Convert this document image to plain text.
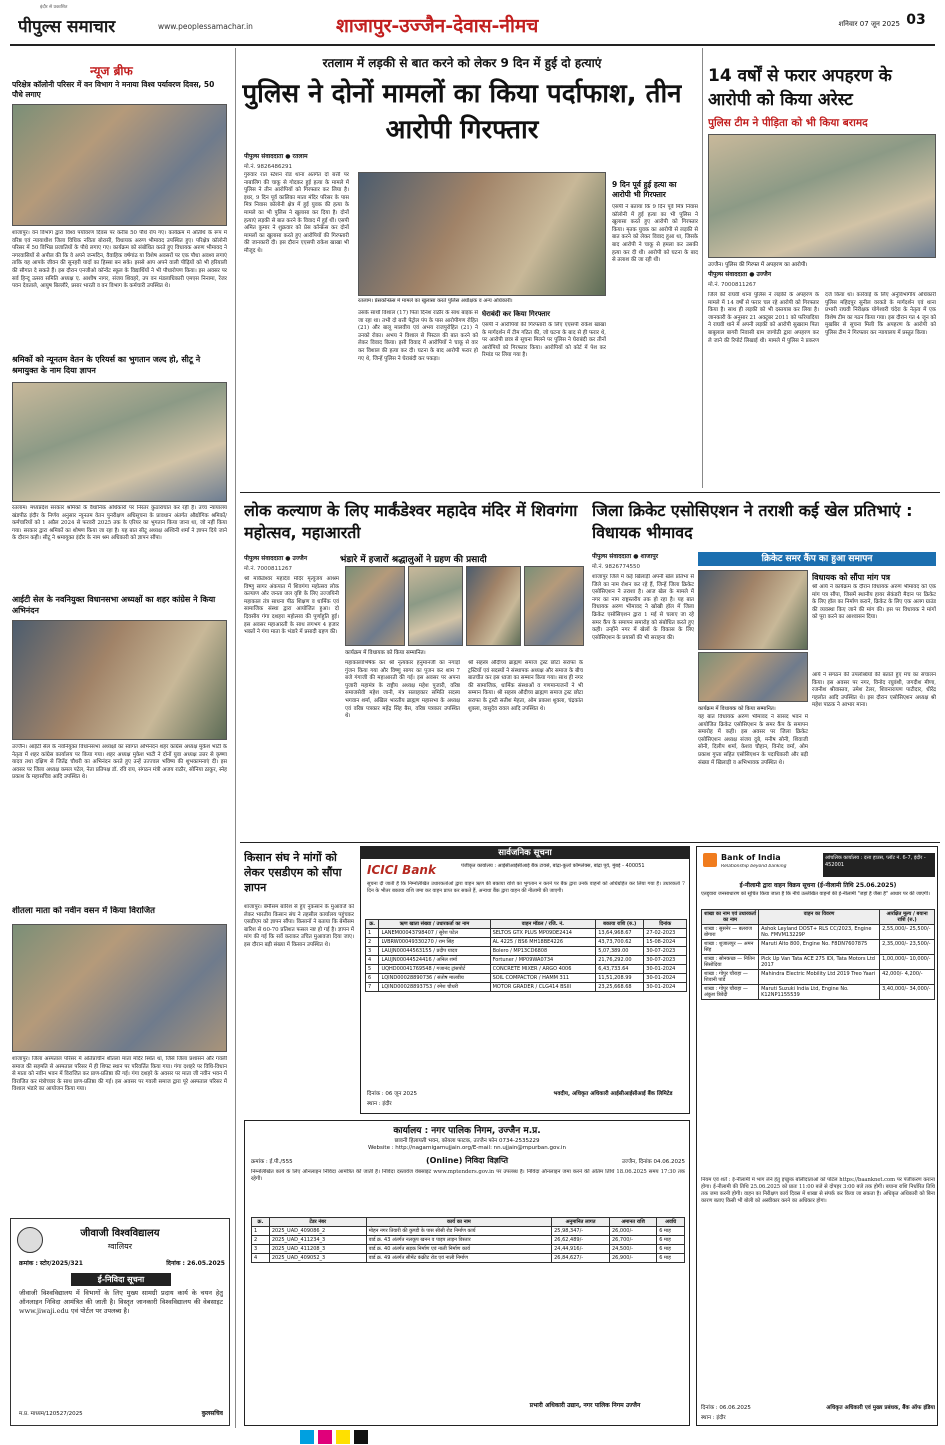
पीपुल्स समाचार
इंदौर से प्रकाशित
www.peoplessamachar.in	शाजापुर-उज्जैन-देवास-नीमच	शनिवार 07 जून 2025 03
न्यूज ब्रीफ
परिक्षेत्र कॉलोनी परिसर में वन विभाग ने मनाया विश्व पर्यावरण दिवस, 50 पौधे लगाए
शाजापुर। वन विभाग द्वारा विश्व पर्यावरण दिवस पर करीब 50 पौधे रोप गए। कार्यक्रम में अतिथि के रूप में वरिष्ठ एवं न्यायाधीश जिला विधिक नविता बोरासी, विधायक अरुण भीमावद उपस्थित हुए। परिक्षेत्र कॉलोनी परिसर में 50 विभिन्न प्रजातियों के पौधे लगाए गए। कार्यक्रम को संबोधित करते हुए विधायक अरुण भीमावद ने नगरवासियों से अपील की कि वे अपने जन्मदिन, वैवाहिक वर्षगांठ या विशेष अवसरों पर एक पौधा अवश्य लगाएं ताकि यह आपके जीवन की सुनहरी यादों का हिस्सा बन सके। इससे आप अपने वाली पीढ़ियों को भी हरियाली की सौगात दे सकते हैं। इस दौरान एनजीओ कॉन्वेंट स्कूल के विद्यार्थियों ने भी पौधारोपण किया। इस अवसर पर सर्व हिन्दू उत्सव समिति अध्यक्ष ए. आशीष नागर, संजय शिवहरे, उप वन मंडलाधिकारी एमएस निनामा, रेंजर पवन देवताले, आयुष बिल्लौरे, प्रसार भारती व वन विभाग के कर्मचारी उपस्थित थे।
श्रमिकों को न्यूनतम वेतन के एरियर्स का भुगतान जल्द हो, सीटू ने श्रमायुक्त के नाम दिया ज्ञापन
रतलाम। मध्यप्रदेश सरकार श्रमिकों के वैधानिक अधिकारों पर निरंतर कुठाराघात कर रही है। उच्च न्यायालय खंडपीठ इंदौर के निर्णय अनुसार न्यूनतम वेतन पुनरीक्षण अधिसूचना के प्रावधान अंतर्गत औद्योगिक श्रमिकों/कर्मचारियों को 1 अप्रैल 2024 से फरवरी 2025 तक के एरियर का भुगतान किया जाना था, जो नहीं किया गया। सरकार द्वारा श्रमिकों का शोषण किया जा रहा है। यह बात सीटू अध्यक्ष अश्विनी शर्मा ने ज्ञापन दिये जाने के दौरान कही। सीटू ने श्रमायुक्त इंदौर के नाम श्रम अधिकारी को ज्ञापन सौंपा।
आईटी सेल के नवनियुक्त विधानसभा अध्यक्षों का शहर कांग्रेस ने किया अभिनंदन
उज्जैन। आईटी सेल के नवनियुक्त विधानसभा अध्यक्षों का स्वागत अभिनंदन शहर कांग्रेस अध्यक्ष मुकेश भाटी के नेतृत्व में शहर कांग्रेस कार्यालय पर किया गया। शहर अध्यक्ष मुकेश भाटी ने दोनों युवा अध्यक्ष उत्तर से कृष्णा यादव तथा दक्षिण से जितेंद्र चौधरी का अभिनंदन करते हुए उन्हें उज्ज्वल भविष्य की शुभकामनाएं दी। इस अवसर पर जिला अध्यक्ष कमल पटेल, नेता प्रतिपक्ष डॉ. रवि राय, संगठन मंत्री अजय राठौर, सोनिया ठाकुर, स्नेह प्रकाश के महासचिव आदि उपस्थित थे।
शीतला माता को नवीन वसन में किया विराजित
शाजापुर। जिला अस्पताल परिसर में अतिप्राचीन शीतला माता मंदिर स्थित था, जिसे जिला प्रशासन और गवली समाज की सहमति से अस्पताल परिसर में ही शिफ्ट स्थान पर परिवर्तित किया गया। गंगा दशहरे पर विधि-विधान से माता को नवीन भवन में विराजित कर प्राण-प्रतिष्ठा की गई। गंगा दशहरे के अवसर पर माता जी नवीन भवन में विराजित कर मंत्रोच्चार के साथ प्राण-प्रतिष्ठा की गई। इस अवसर पर गवली समाज द्वारा पूरे अस्पताल परिसर में विशाल भंडारे का आयोजन किया गया।
जीवाजी विश्वविद्यालय
ग्वालियर
क्रमांक : स्टोर/2025/321	दिनांक : 26.05.2025
ई-निविदा सूचना
जीवाजी विश्वविद्यालय में विभागों के लिए मुख्य सामग्री प्रदाय कार्य के चयन हेतु ऑनलाइन निविदा आमंत्रित की जाती है। विस्तृत जानकारी विश्वविद्यालय की वेबसाइट www.jiwaji.edu एवं पोर्टल पर उपलब्ध है।
म.प्र. माध्यम/120527/2025	कुलसचिव
रतलाम में लड़की से बात करने को लेकर 9 दिन में हुई दो हत्याएं
पुलिस ने दोनों मामलों का किया पर्दाफाश, तीन आरोपी गिरफ्तार
पीपुल्स संवाददाता ● रतलाम
मो.नं. 9826486291
गुरुवार रात स्टेशन रोड थाना अंतर्गत दो बत्ती पर नाबालिग की चाकू से गोदकर हुई हत्या के मामले में पुलिस ने तीन आरोपियों को गिरफ्तार कर लिया है। इधर, 9 दिन पूर्व कालिका माता मंदिर परिसर के पास मित्र निवास कॉलोनी क्षेत्र में हुई युवक की हत्या के मामले का भी पुलिस ने खुलासा कर दिया है। दोनों हत्याएं लड़की से बात करने के विवाद में हुई थीं। एसपी अमित कुमार ने शुक्रवार को प्रेस कॉन्फ्रेंस कर दोनों मामलों का खुलासा करते हुए आरोपियों की गिरफ्तारी की जानकारी दी। इस दौरान एएसपी राकेश खाखा भी मौजूद थे।
रतलाम। प्रेसकॉन्फ्रेंस में मामले का खुलासा करते पुलिस अधीक्षक व अन्य अधिकारी।
उसके साथी विशाल (17) पिता दिनेश राठौर के साथ बाइक से जा रहा था। तभी दो बत्ती पेट्रोल पंप के पास आरोपीगण रोहित (21) और बालू मालवीय एवं अभय राजपुरोहित (21) ने उनको रोका। अभय ने विशाल से पिस्टल की बात करने को लेकर विवाद किया। इसी विवाद में आरोपियों ने चाकू से वार कर विशाल की हत्या कर दी। घटना के बाद आरोपी फरार हो गए थे, जिन्हें पुलिस ने घेराबंदी कर पकड़ा।
घेराबंदी कर किया गिरफ्तार
एसपी ने आरोपियों की गिरफ्तारी के लिए एएसपी राकेश खाखा के मार्गदर्शन में टीम गठित की, जो घटना के बाद से ही फरार थे, पर आरोपी छात्र से सूचना मिलने पर पुलिस ने घेराबंदी कर तीनों आरोपियों को गिरफ्तार किया। आरोपियों को कोर्ट में पेश कर रिमांड पर लिया गया है।
9 दिन पूर्व हुई हत्या का आरोपी भी गिरफ्तार
एसपी ने बताया कि 9 दिन पूर्व मित्र निवास कॉलोनी में हुई हत्या का भी पुलिस ने खुलासा करते हुए आरोपी को गिरफ्तार किया। मृतक युवक का आरोपी से लड़की से बात करने को लेकर विवाद हुआ था, जिसके बाद आरोपी ने चाकू से हमला कर उसकी हत्या कर दी थी। आरोपी को घटना के बाद से तलाश की जा रही थी।
14 वर्षों से फरार अपहरण के आरोपी को किया अरेस्ट
पुलिस टीम ने पीड़िता को भी किया बरामद
उज्जैन। पुलिस की गिरफ्त में अपहरण का आरोपी।
पीपुल्स संवाददाता ● उज्जैन
मो.नं. 7000811267
जिले की राघवी थाना पुलिस ने लड़की के अपहरण के मामले में 14 वर्षों से फरार चल रहे आरोपी को गिरफ्तार किया है। साथ ही लड़की को भी दस्तयाब कर लिया है। जानकारी के अनुसार 21 अक्टूबर 2011 को फरियादिया ने राघवी थाने में अपनी लड़की को आरोपी सुखराम पिता बाबूलाल बागरी निवासी ग्राम जागोठी द्वारा अपहरण कर ले जाने की रिपोर्ट लिखाई थी। मामले में पुलिस ने प्रकरण दर्ज किया था। कार्रवाई के लिए अनुविभागीय अधिकारी पुलिस महिदपुर सुनील वरकडे के मार्गदर्शन एवं थाना प्रभारी राघवी निरीक्षक योगेश्वरी चंदेरा के नेतृत्व में एक विशेष टीम का गठन किया गया। इस दौरान गत 4 जून को मुखबिर से सूचना मिली कि अपहरण के आरोपी को पुलिस टीम ने गिरफ्तार कर न्यायालय में प्रस्तुत किया।
लोक कल्याण के लिए मार्कंडेश्वर महादेव मंदिर में शिवगंगा महोत्सव, महाआरती
पीपुल्स संवाददाता ● उज्जैन
मो.नं. 7000811267
भंडारे में हजारों श्रद्धालुओं ने ग्रहण की प्रसादी
श्री मार्कंडेश्वर महादेव मंदिर मृत्युंजय आश्रम विष्णु सागर अंकपात में शिवगंगा महोत्सव लोक कल्याण और जनता जल वृष्टि के लिए उज्जयिनी महाकाल तंत्र साधना पीठ शिक्षण व धार्मिक एवं सामाजिक संस्था द्वारा आयोजित हुआ। दो दिवसीय गंगा दशहरा महोत्सव की पूर्णाहुति हुई। इस अवसर महाआरती के साथ लगभग 4 हजार भक्तों ने गंगा माता के भंडारे में प्रसादी ग्रहण की।
कार्यक्रम में विधायक को किया सम्मानित।
महाकालाभिषेक कर श्री नृत्यकार हनुमानजी का नगाड़ों गुंजन किया गया और विष्णु सागर का पूजन कर शाम 7 बजे गंगाजी की महाआरती की गई। इस अवसर पर अपना पुजारी महामंत्र के राष्ट्रीय अध्यक्ष महेश पुजारी, वरिष्ठ समाजसेवी महेश जानी, मंत्र सलाहकार समिति सदस्य भगवान शर्मा, अखिल भारतीय ब्राह्मण महासभा के अध्यक्ष एवं वरिष्ठ पत्रकार महेंद्र सिंह बैस, वरिष्ठ पत्रकार उपस्थित थे।
श्री सहस्त्र औदीच्य ब्राह्मण समाज ट्रस्ट छोटा सराफा के ट्रस्टियों एवं सदस्यों ने संस्थापक अध्यक्ष और समाज के बीच बातचीत कर इस ध्वजा का सम्मान किया गया। साथ ही नगर की सामाजिक, धार्मिक संस्थाओं व गणमान्यजनों ने भी सम्मान किया। श्री सहस्त्र औदीच्य ब्राह्मण समाज ट्रस्ट छोटा सराफा के ट्रस्टी सतीश मेहता, ओम प्रकाश शुक्ला, चंद्रकांत शुक्ला, वासुदेव रावल आदि उपस्थित थे।
जिला क्रिकेट एसोसिएशन ने तराशी कई खेल प्रतिभाएं : विधायक भीमावद
पीपुल्स संवाददाता ● शाजापुर
मो.नं. 9826774550
शाजापुर जिले में कई खिलाड़ी अपनी खेल प्रतिभा से जिले का नाम रोशन कर रहे हैं, जिन्हें जिला क्रिकेट एसोसिएशन ने तराशा है। आज खेल के मामले में नगर का नाम राष्ट्रस्तरीय तक हो रहा है। यह बात विधायक अरुण भीमावद ने खोखी हॉल में जिला क्रिकेट एसोसिएशन द्वारा 1 मई से चलाए जा रहे समर कैंप के समापन समारोह को संबोधित करते हुए कही। उन्होंने नगर में खेलों के विकास के लिए एसोसिएशन के प्रयासों की भी सराहना की।
क्रिकेट समर कैंप का हुआ समापन
विधायक को सौंपा मांग पत्र
श्री आर्य ने कार्यक्रम के दौरान विधायक अरुण भीमावद को एक मांग पत्र सौंपा, जिसमें स्थानीय हायर सेकंडरी मैदान पर क्रिकेट के लिए हॉल का निर्माण कराने, क्रिकेट के लिए एक अलग ग्राउंड की व्यवस्था किए जाने की मांग की। इस पर विधायक ने मांगों को पूरा करने का आश्वासन दिया।
कार्यक्रम में विधायक को किया सम्मानित।
आर्य ने संगठन की उपलब्धियों की बताते हुए मंच का संचालन किया। इस अवसर पर नगर, विनोद रघुवंशी, जगदीश मीणा, रजनीश श्रीवास्तव, उमेश टेलर, शिवनारायण पाटीदार, धीरेंद्र गहलोत आदि उपस्थित थे। इस दौरान एसोसिएशन अध्यक्ष श्री महेश पाठक ने आभार माना।
यह बात विधायक अरुण भीमावद ने सांसद भवन में आयोजित क्रिकेट एसोसिएशन के समर कैंप के समापन समारोह में कही। इस अवसर पर जिला क्रिकेट एसोसिएशन अध्यक्ष संजय दुबे, मनीष सोनी, शिवाजी सोनी, दिलीप शर्मा, केशव चौहान, विनोद वर्मा, ओम प्रकाश गुप्ता सहित एसोसिएशन के पदाधिकारी और बड़ी संख्या में खिलाड़ी व अभिभावक उपस्थित थे।
किसान संघ ने मांगों को लेकर एसडीएम को सौंपा ज्ञापन
शाजापुर। बेमौसम बारिश से हुए नुकसान के मुआवजे को लेकर भारतीय किसान संघ ने तहसील कार्यालय पहुंचकर एसडीएम को ज्ञापन सौंपा। किसानों ने बताया कि बेमौसम बारिश से 60-70 प्रतिशत फसल नष्ट हो गई है। ज्ञापन में मांग की गई कि सर्वे कराकर उचित मुआवजा दिया जाए। इस दौरान बड़ी संख्या में किसान उपस्थित थे।
सार्वजनिक सूचना
ICICI Bank	पंजीकृत कार्यालय : आईसीआईसीआई बैंक टावर्स, बांद्रा-कुर्ला कॉम्प्लेक्स, बांद्रा पूर्व, मुंबई - 400051
सूचना दी जाती है कि निम्नलिखित उधारकर्ताओं द्वारा वाहन ऋण की बकाया राशि का भुगतान न करने पर बैंक द्वारा उनके वाहनों को अधिग्रहित कर लिया गया है। उधारकर्ता 7 दिन के भीतर बकाया राशि जमा कर वाहन प्राप्त कर सकते हैं, अन्यथा बैंक द्वारा वाहन की नीलामी की जाएगी।
क्र.	ऋण खाता संख्या / उधारकर्ता का नाम	वाहन मॉडल / रजि. नं.	बकाया राशि (रु.)	दिनांक
1	LANEM00043798407 / सुरेश पटेल	SELTOS GTX PLUS MP09DE2414	13,64,968.67	27-02-2023
2	LVBRW00049330270 / राम सिंह	AL 4225 / BS6 MH18BE4226	43,73,700.62	15-08-2024
3	LAUJN00044563155 / प्रदीप यादव	Bolero / MP13CD6808	5,07,389.00	30-07-2023
4	LAUJN00044524416 / अनिल शर्मा	Fortuner / MP09WA0734	21,76,292.00	30-07-2023
5	UQHD00041769548 / गजानंद ट्रांसपोर्ट	CONCRETE MIXER / ARGO 4006	6,43,733.64	30-01-2024
6	LQIND00028890736 / संतोष मालवीय	SOIL COMPACTOR / HAMM 311	11,51,208.99	30-01-2024
7	LQIND00028893753 / रमेश चौधरी	MOTOR GRADER / CLG414 BSIII	23,25,668.68	30-01-2024
दिनांक : 06 जून 2025
स्थान : इंदौर
भवदीय, अधिकृत अधिकारी आईसीआईसीआई बैंक लिमिटेड
Bank of India
Relationship beyond banking
आंचलिक कार्यालय : दत्ता हाउस, प्लॉट नं. 6-7, इंदौर - 452001
ई-नीलामी द्वारा वाहन विक्रय सूचना (ई-नीलामी तिथि 25.06.2025)
एतद्द्वारा जनसाधारण को सूचित किया जाता है कि नीचे उल्लेखित वाहनों की ई-नीलामी "जहां है जैसा है" आधार पर की जाएगी।
शाखा का नाम एवं उधारकर्ता का नाम	वाहन का विवरण	आरक्षित मूल्य / बयाना राशि (रु.)
शाखा : सुसनेर — बलराज बोगारा	Ashok Leyland DOST+ RLS CC/2023, Engine No. FMVM13229P	2,55,000/- 25,500/-
शाखा : शुजालपुर — अमन सिंह	Maruti Alto 800, Engine No. F8DN7607875	2,35,000/- 23,500/-
शाखा : सोनकच्छ — नितिन सिसोदिया	Pick Up Van Tata ACE 275 IDI, Tata Motors Ltd 2017	1,00,000/- 10,000/-
शाखा : गोपुर चौराहा — शिवानी पांडे	Mahindra Electric Mobility Ltd 2019 Treo Yaari	42,000/- 4,200/-
शाखा : गोपुर चौराहा — अंकुश त्रिवेदी	Maruti Suzuki India Ltd, Engine No. K12NP1155539	3,40,000/- 34,000/-
नियम एवं शर्तें : ई-नीलामी में भाग लेने हेतु इच्छुक बोलीदाताओं को पोर्टल https://baanknet.com पर पंजीकरण कराना होगा। ई-नीलामी की तिथि 25.06.2025 को प्रातः 11:00 बजे से दोपहर 3:00 बजे तक होगी। बयाना राशि निर्धारित तिथि तक जमा करनी होगी। वाहन का निरीक्षण कार्य दिवस में शाखा से संपर्क कर किया जा सकता है। अधिकृत अधिकारी को बिना कारण बताए किसी भी बोली को अस्वीकार करने का अधिकार होगा।
दिनांक : 06.06.2025
स्थान : इंदौर
अधिकृत अधिकारी एवं मुख्य प्रबंधक, बैंक ऑफ इंडिया
कार्यालय : नगर पालिक निगम, उज्जैन म.प्र.
छावनी हिलायती भवन, कोयला फाटक, उज्जैन फोन 0734-2535229
Website : http://nagarnigamujjain.org/E-mail: nn.ujjain@mpurban.gov.in
क्रमांक : ई.पी./555	(Online) निविदा विज्ञप्ति	उज्जैन, दिनांक 04.06.2025
निम्नलिखित कार्य के लिए ऑनलाइन निविदा आमंत्रित की जाती है। निविदा दस्तावेज वेबसाइट www.mptenders.gov.in पर उपलब्ध है। निविदा ऑनलाइन जमा करने की अंतिम तिथि 18.06.2025 समय 17:30 तक रहेगी।
क्र.	टेंडर नंबर	कार्य का नाम	अनुमानित लागत	अमानत राशि	अवधि
1	2025_UAD_409086_2	मोहन नगर तिवारी की कुण्डी के पास सीसी रोड निर्माण कार्य	25,98,347/-	26,000/-	6 माह
2	2025_UAD_411234_3	वार्ड क्र. 43 अंतर्गत नलकूप खनन व पाइप लाइन विस्तार	26,62,489/-	26,700/-	6 माह
3	2025_UAD_411208_3	वार्ड क्र. 40 अंतर्गत सड़क निर्माण एवं नाली निर्माण कार्य	24,44,916/-	24,500/-	6 माह
4	2025_UAD_409052_3	वार्ड क्र. 49 अंतर्गत सीमेंट कंक्रीट रोड एवं नाली निर्माण	26,84,627/-	26,900/-	6 माह
प्रभारी अधिकारी उद्यान, नगर पालिक निगम उज्जैन
